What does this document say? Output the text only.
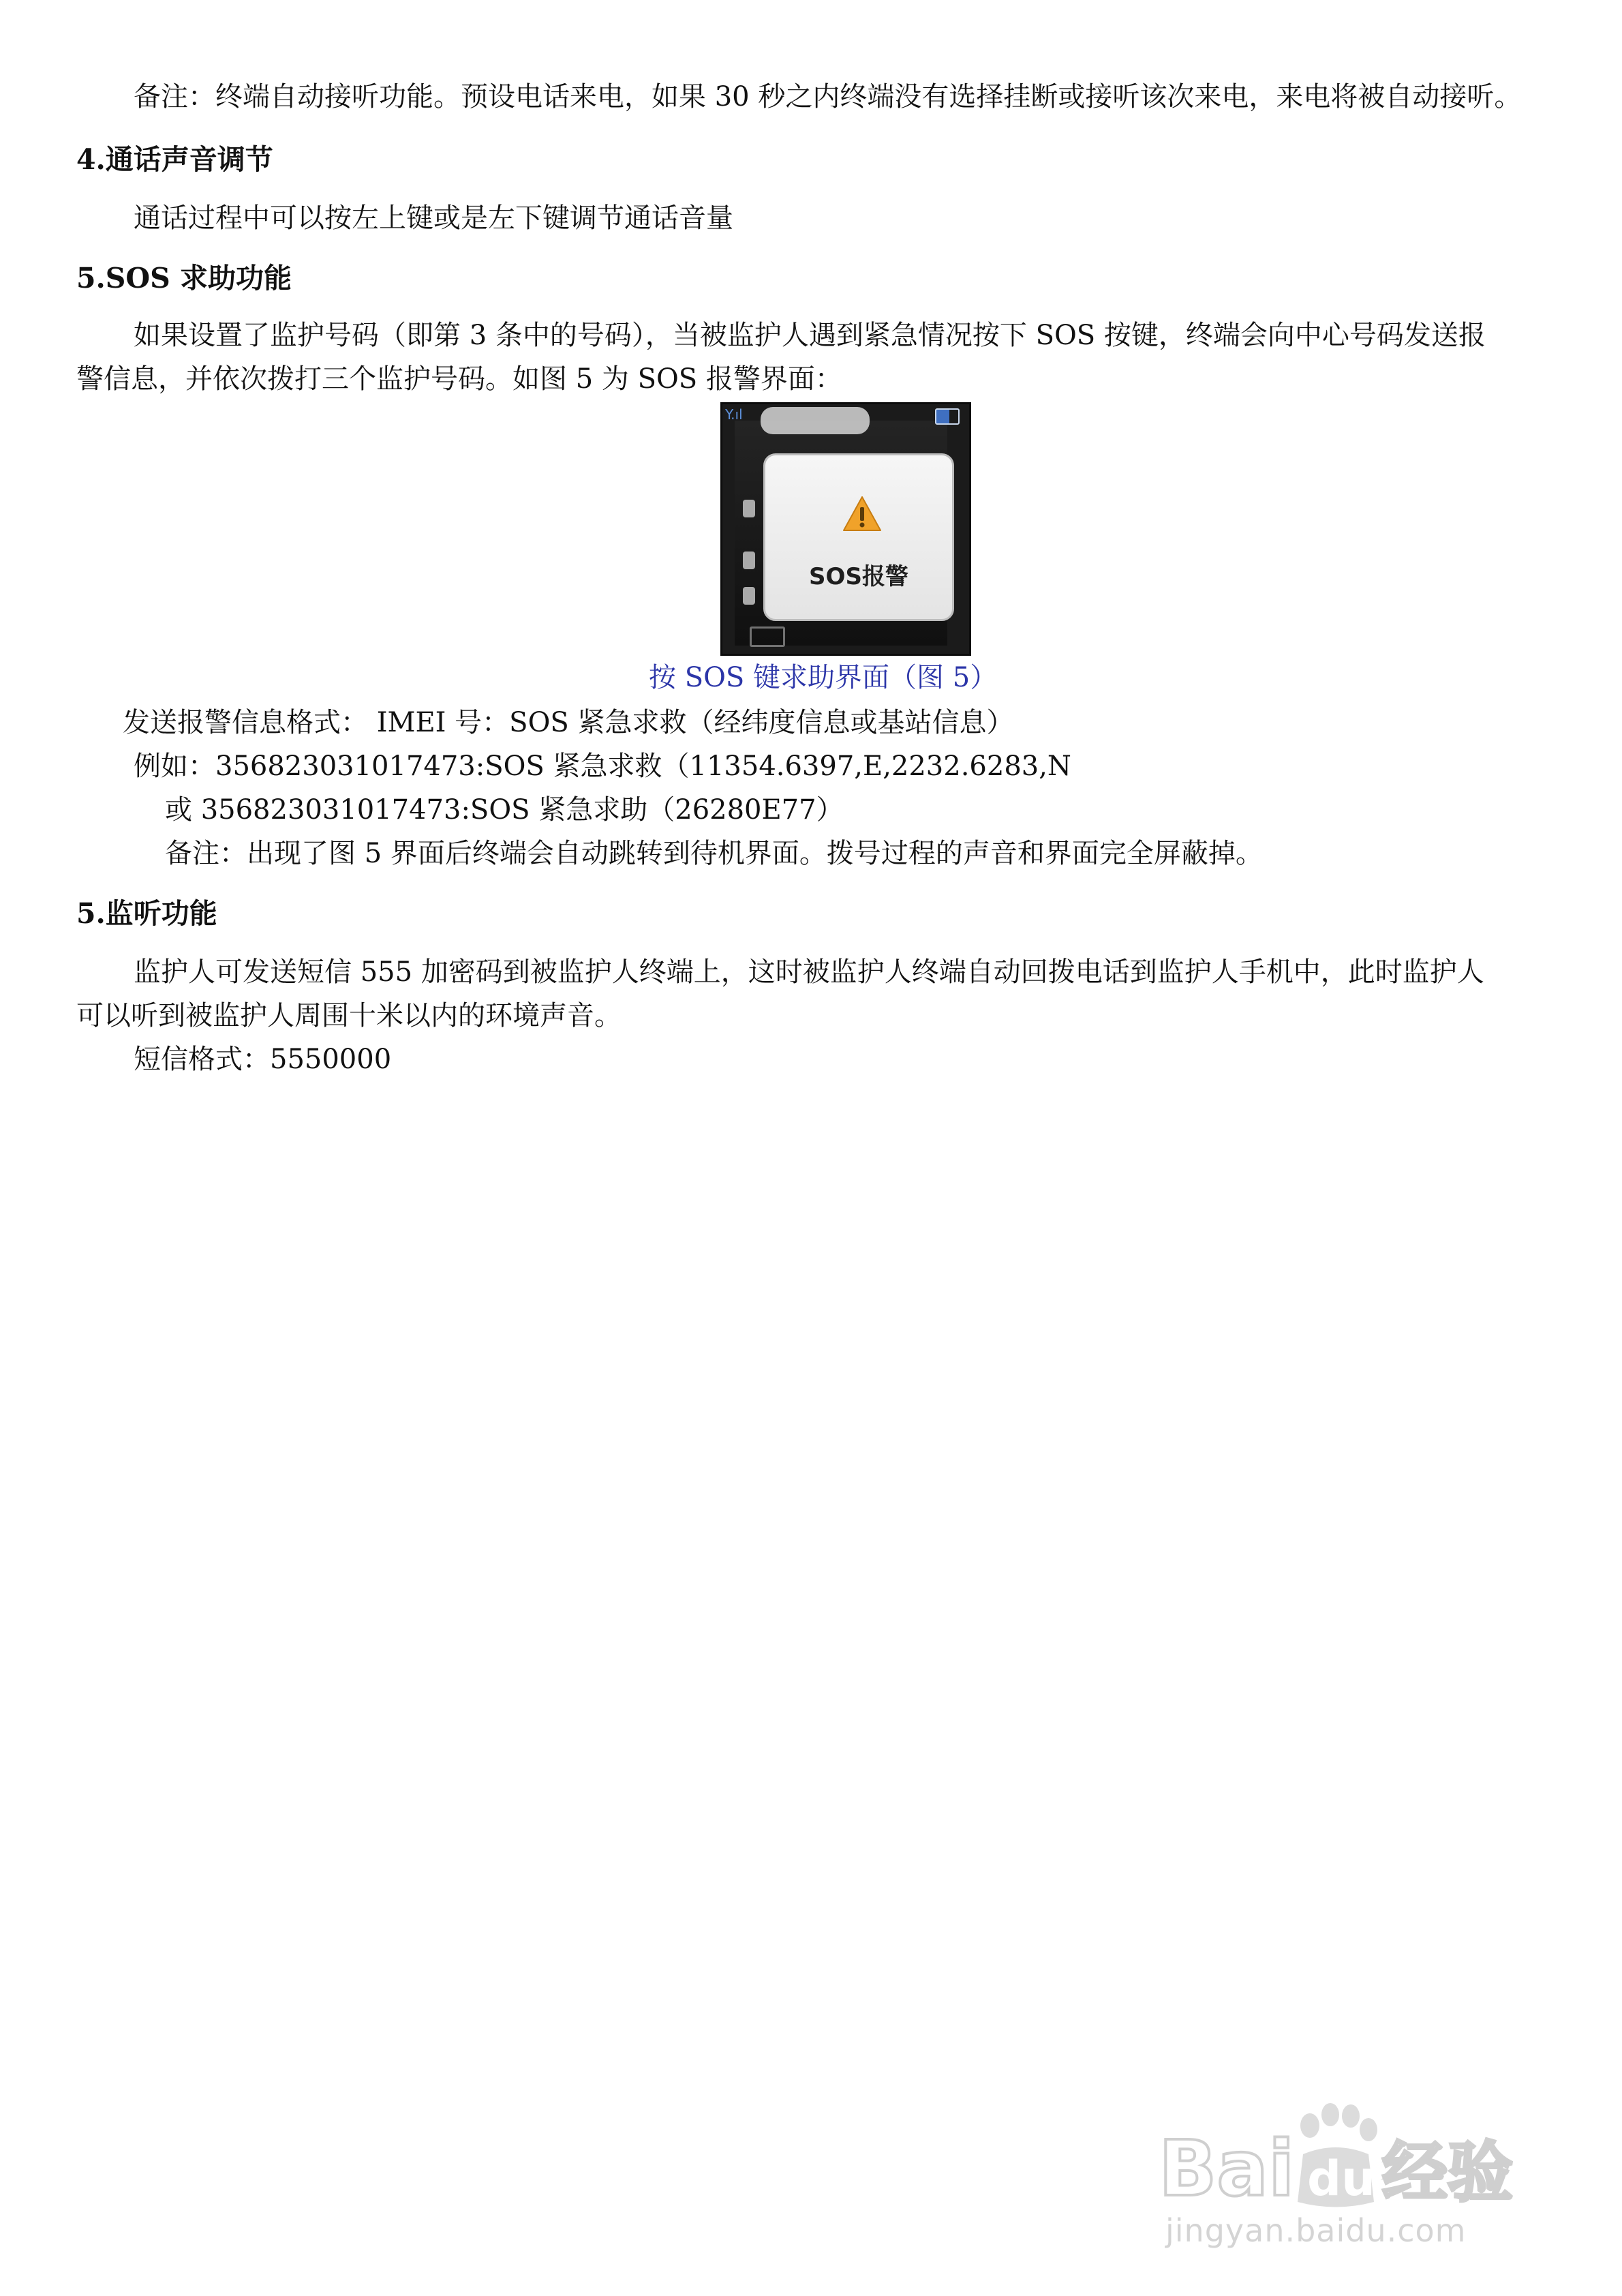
备注：终端自动接听功能。预设电话来电，如果 30 秒之内终端没有选择挂断或接听该次来电，来电将被自动接听。
4.通话声音调节
通话过程中可以按左上键或是左下键调节通话音量
5.SOS 求助功能
如果设置了监护号码（即第 3 条中的号码），当被监护人遇到紧急情况按下 SOS 按键，终端会向中心号码发送报
警信息，并依次拨打三个监护号码。如图 5 为 SOS 报警界面：
Y.ıl
SOS报警
按 SOS 键求助界面（图 5）
发送报警信息格式： IMEI 号：SOS 紧急求救（经纬度信息或基站信息）
例如：356823031017473:SOS 紧急求救（11354.6397,E,2232.6283,N
或 356823031017473:SOS 紧急求助（26280E77）
备注：出现了图 5 界面后终端会自动跳转到待机界面。拨号过程的声音和界面完全屏蔽掉。
5.监听功能
监护人可发送短信 555 加密码到被监护人终端上，这时被监护人终端自动回拨电话到监护人手机中，此时监护人
可以听到被监护人周围十米以内的环境声音。
短信格式：5550000
Bai du 经验
jingyan.baidu.com
